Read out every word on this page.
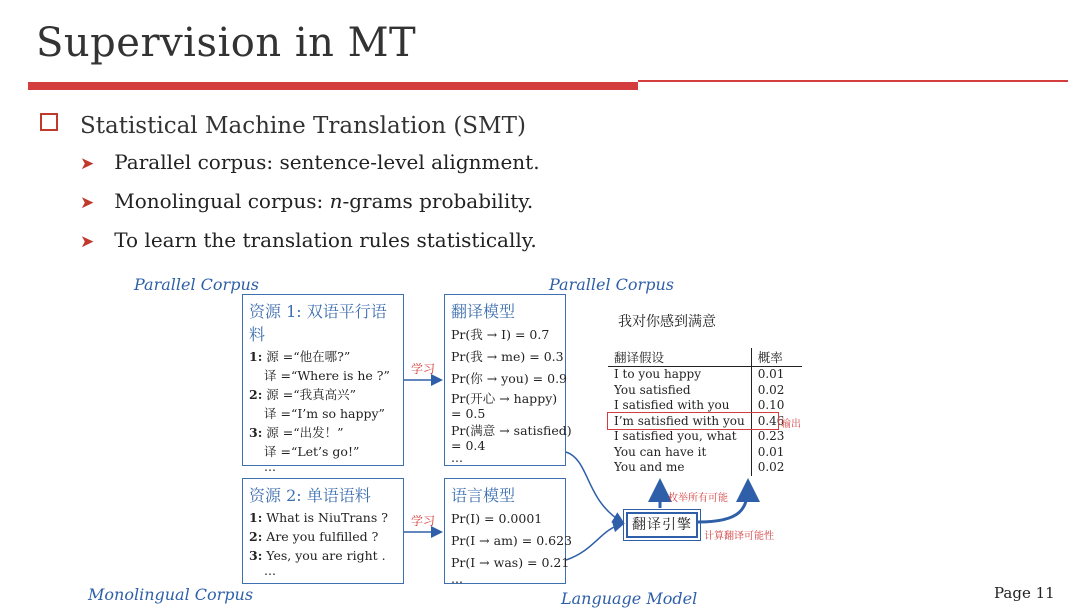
Supervision in MT
Statistical Machine Translation (SMT)
➤ Parallel corpus: sentence-level alignment.
➤ Monolingual corpus: n-grams probability.
➤ To learn the translation rules statistically.
Parallel Corpus	Parallel Corpus
Monolingual Corpus	Language Model
资源 1: 双语平行语料
1: 源 =“他在哪?”
译 =“Where is he ?”
2: 源 =“我真高兴”
译 =“I’m so happy”
3: 源 =“出发！”
译 =“Let’s go!”
...
资源 2: 单语语料
1: What is NiuTrans ?
2: Are you fulfilled ?
3: Yes, you are right .
...
翻译模型
Pr(我 → I) = 0.7
Pr(我 → me) = 0.3
Pr(你 → you) = 0.9
Pr(开心 → happy)
= 0.5
Pr(满意 → satisfied)
= 0.4
...
语言模型
Pr(I) = 0.0001
Pr(I → am) = 0.623
Pr(I → was) = 0.21
...
学习
学习
我对你感到满意
翻译假设	概率
I to you happy	0.01
You satisfied	0.02
I satisfied with you	0.10
I’m satisfied with you	0.46
I satisfied you, what	0.23
You can have it	0.01
You and me	0.02
输出
枚举所有可能
翻译引擎
计算翻译可能性
Page 11
